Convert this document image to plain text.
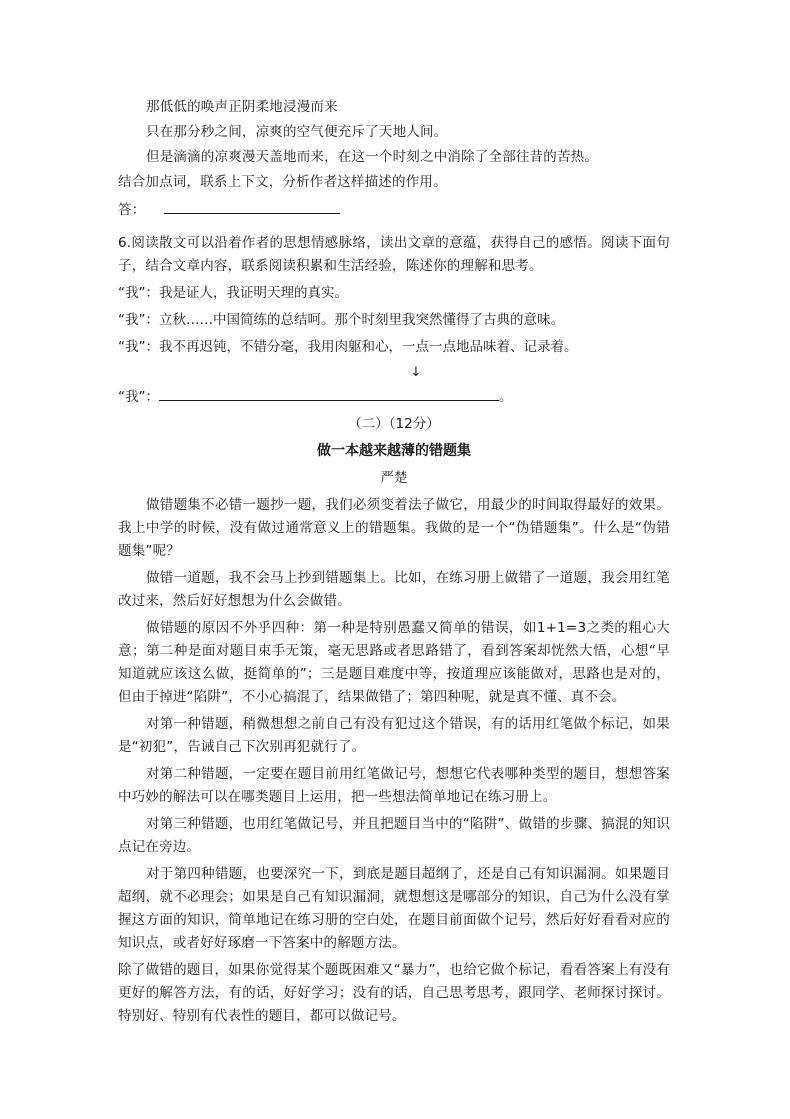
那低低的唤声正阴柔地浸漫而来

只在那分秒之间，凉爽的空气便充斥了天地人间。

但是滴滴的凉爽漫天盖地而来，在这一个时刻之中消除了全部往昔的苦热。

结合加点词，联系上下文，分析作者这样描述的作用。

答：

6.阅读散文可以沿着作者的思想情感脉络，读出文章的意蕴，获得自己的感悟。阅读下面句子，结合文章内容，联系阅读积累和生活经验，陈述你的理解和思考。

“我”：我是证人，我证明天理的真实。

“我”：立秋……中国简练的总结呵。那个时刻里我突然懂得了古典的意味。

“我”：我不再迟钝，不错分毫，我用肉躯和心，一点一点地品味着、记录着。

↓

“我”：	。

（二）（12分）

做一本越来越薄的错题集

严楚

做错题集不必错一题抄一题，我们必须变着法子做它，用最少的时间取得最好的效果。我上中学的时候，没有做过通常意义上的错题集。我做的是一个“伪错题集”。什么是“伪错题集”呢？

做错一道题，我不会马上抄到错题集上。比如，在练习册上做错了一道题，我会用红笔改过来，然后好好想想为什么会做错。

做错题的原因不外乎四种：第一种是特别愚蠢又简单的错误，如1+1=3之类的粗心大意；第二种是面对题目束手无策，毫无思路或者思路错了，看到答案却恍然大悟，心想“早知道就应该这么做，挺简单的”；三是题目难度中等，按道理应该能做对，思路也是对的，但由于掉进“陷阱”，不小心搞混了，结果做错了；第四种呢，就是真不懂、真不会。

对第一种错题，稍微想想之前自己有没有犯过这个错误，有的话用红笔做个标记，如果是“初犯”，告诫自己下次别再犯就行了。

对第二种错题，一定要在题目前用红笔做记号，想想它代表哪种类型的题目，想想答案中巧妙的解法可以在哪类题目上运用，把一些想法简单地记在练习册上。

对第三种错题，也用红笔做记号，并且把题目当中的“陷阱”、做错的步骤、搞混的知识点记在旁边。

对于第四种错题，也要深究一下，到底是题目超纲了，还是自己有知识漏洞。如果题目超纲，就不必理会；如果是自己有知识漏洞，就想想这是哪部分的知识，自己为什么没有掌握这方面的知识，简单地记在练习册的空白处，在题目前面做个记号，然后好好看看对应的知识点，或者好好琢磨一下答案中的解题方法。

除了做错的题目，如果你觉得某个题既困难又“暴力”，也给它做个标记，看看答案上有没有更好的解答方法，有的话，好好学习；没有的话，自己思考思考，跟同学、老师探讨探讨。特别好、特别有代表性的题目，都可以做记号。
